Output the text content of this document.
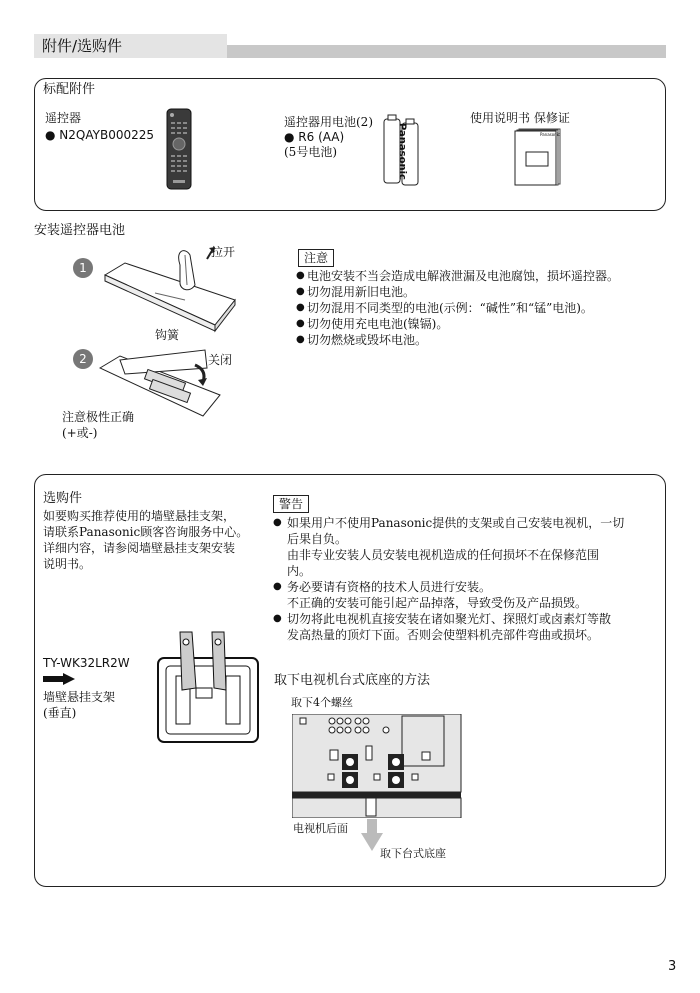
附件/选购件
标配附件
遥控器
● N2QAYB000225
遥控器用电池(2)
● R6 (AA)
(5号电池)	Panasonic
使用说明书 保修证
Panasonic
安装遥控器电池
1
2
拉开
钩簧
关闭
注意极性正确
(+或-)
注意
● 电池安装不当会造成电解液泄漏及电池腐蚀，损坏遥控器。
● 切勿混用新旧电池。
● 切勿混用不同类型的电池(示例：“碱性”和“锰”电池)。
● 切勿使用充电电池(镍镉)。
● 切勿燃烧或毁坏电池。
选购件
如要购买推荐使用的墙壁悬挂支架，
请联系Panasonic顾客咨询服务中心。
详细内容，请参阅墙壁悬挂支架安装
说明书。
TY-WK32LR2W
墙壁悬挂支架
(垂直)
警告
● 如果用户不使用Panasonic提供的支架或自己安装电视机，一切
后果自负。
由非专业安装人员安装电视机造成的任何损坏不在保修范围
内。
● 务必要请有资格的技术人员进行安装。
不正确的安装可能引起产品掉落，导致受伤及产品损毁。
● 切勿将此电视机直接安装在诸如聚光灯、探照灯或卤素灯等散
发高热量的顶灯下面。否则会使塑料机壳部件弯曲或损坏。
取下电视机台式底座的方法
取下4个螺丝
电视机后面
取下台式底座
3
